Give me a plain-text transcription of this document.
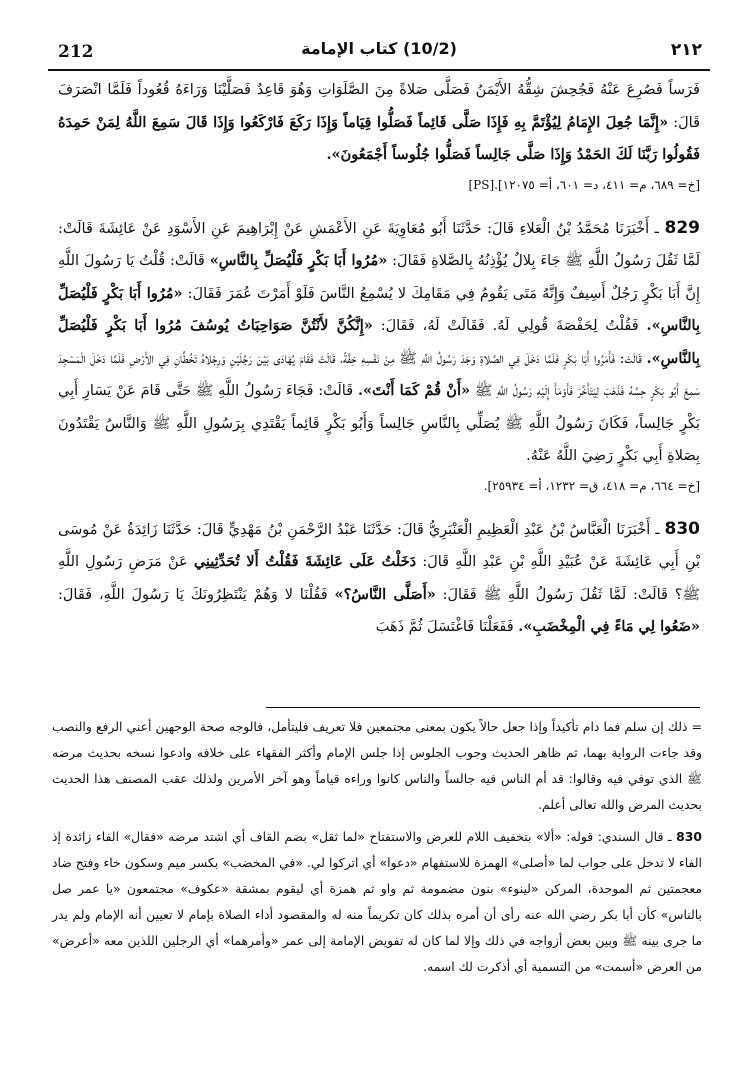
212	(10/2) كتاب الإمامة	٢١٢

فَرَساً فَصُرِعَ عَنْهُ فَجُحِشَ شِقُّهُ الأَيْمَنُ فَصَلَّى صَلاةً مِنَ الصَّلَوَاتِ وَهُوَ قَاعِدٌ فَصَلَّيْنَا وَرَاءَهُ قُعُوداً فَلَمَّا انْصَرَفَ قَالَ: «إِنَّمَا جُعِلَ الإِمَامُ لِيُؤْتَمَّ بِهِ فَإِذَا صَلَّى قَائِماً فَصَلُّوا قِيَاماً وَإِذَا رَكَعَ فَارْكَعُوا وَإِذَا قَالَ سَمِعَ اللَّهُ لِمَنْ حَمِدَهُ فَقُولُوا رَبَّنَا لَكَ الحَمْدُ وَإِذَا صَلَّى جَالِساً فَصَلُّوا جُلُوساً أَجْمَعُونَ».
[خ= ٦٨٩، م= ٤١١، د= ٦٠١، أ= ١٢٠٧٥].[PS]

829 ـ أَخْبَرَنَا مُحَمَّدُ بْنُ الْعَلاءِ قَالَ: حَدَّثَنَا أَبُو مُعَاوِيَةَ عَنِ الأَعْمَشِ عَنْ إِبْرَاهِيمَ عَنِ الأَسْوَدِ عَنْ عَائِشَةَ قَالَتْ: لَمَّا ثَقُلَ رَسُولُ اللَّهِ ﷺ جَاءَ بِلالٌ يُؤْذِنُهُ بِالصَّلاةِ فَقَالَ: «مُرُوا أَبَا بَكْرٍ فَلْيُصَلِّ بِالنَّاسِ» قَالَتْ: قُلْتُ يَا رَسُولَ اللَّهِ إِنَّ أَبَا بَكْرٍ رَجُلٌ أَسِيفٌ وَإِنَّهُ مَتَى يَقُومُ فِي مَقَامِكَ لا يُسْمِعُ النَّاسَ فَلَوْ أَمَرْتَ عُمَرَ فَقَالَ: «مُرُوا أَبَا بَكْرٍ فَلْيُصَلِّ بِالنَّاسِ». فَقُلْتُ لِحَفْصَةَ قُولِي لَهُ. فَقَالَتْ لَهُ، فَقَالَ: «إِنَّكُنَّ لأَنْتُنَّ صَوَاحِبَاتُ يُوسُفَ مُرُوا أَبَا بَكْرٍ فَلْيُصَلِّ بِالنَّاسِ». قَالَتْ: فَأَمَرُوا أَبَا بَكْرٍ فَلَمَّا دَخَلَ فِي الصَّلاةِ وَجَدَ رَسُولُ اللَّهِ ﷺ مِنْ نَفْسِهِ خِفَّةً، قَالَتْ فَقَامَ يُهَادَى بَيْنَ رَجُلَيْنِ وَرِجْلاهُ تَخُطَّانِ فِي الأَرْضِ فَلَمَّا دَخَلَ الْمَسْجِدَ سَمِعَ أَبُو بَكْرٍ حِسَّهُ فَذَهَبَ لِيَتَأَخَّرَ فَأَوْمَأَ إِلَيْهِ رَسُولُ اللَّهِ ﷺ «أَنْ قُمْ كَمَا أَنْتَ». قَالَتْ: فَجَاءَ رَسُولُ اللَّهِ ﷺ حَتَّى قَامَ عَنْ يَسَارِ أَبِي بَكْرٍ جَالِساً، فَكَانَ رَسُولُ اللَّهِ ﷺ يُصَلِّي بِالنَّاسِ جَالِساً وَأَبُو بَكْرٍ قَائِماً يَقْتَدِي بِرَسُولِ اللَّهِ ﷺ وَالنَّاسُ يَقْتَدُونَ بِصَلاةِ أَبِي بَكْرٍ رَضِيَ اللَّهُ عَنْهُ.
[خ= ٦٦٤، م= ٤١٨، ق= ١٢٣٢، أ= ٢٥٩٣٤].

830 ـ أَخْبَرَنَا الْعَبَّاسُ بْنُ عَبْدِ الْعَظِيمِ الْعَنْبَرِيُّ قَالَ: حَدَّثَنَا عَبْدُ الرَّحْمَنِ بْنُ مَهْدِيٍّ قَالَ: حَدَّثَنَا زَائِدَةُ عَنْ مُوسَى بْنِ أَبِي عَائِشَةَ عَنْ عُبَيْدِ اللَّهِ بْنِ عَبْدِ اللَّهِ قَالَ: دَخَلْتُ عَلَى عَائِشَةَ فَقُلْتُ أَلا تُحَدِّثِينِي عَنْ مَرَضِ رَسُولِ اللَّهِ ﷺ؟ قَالَتْ: لَمَّا ثَقُلَ رَسُولُ اللَّهِ ﷺ فَقَالَ: «أَصَلَّى النَّاسُ؟» فَقُلْنَا لا وَهُمْ يَنْتَظِرُونَكَ يَا رَسُولَ اللَّهِ، فَقَالَ: «ضَعُوا لِي مَاءً فِي الْمِخْضَبِ». فَفَعَلْنَا فَاغْتَسَلَ ثُمَّ ذَهَبَ

= ذلك إن سلم فما دام تأكيداً وإذا جعل حالاً يكون بمعنى مجتمعين فلا تعريف فليتأمل، فالوجه صحة الوجهين أعني الرفع والنصب وقد جاءت الرواية بهما، ثم ظاهر الحديث وجوب الجلوس إذا جلس الإمام وأكثر الفقهاء على خلافه وادعوا نسخه بحديث مرضه ﷺ الذي توفي فيه وقالوا: قد أم الناس فيه جالساً والناس كانوا وراءه قياماً وهو آخر الأمرين ولذلك عقب المصنف هذا الحديث بحديث المرض والله تعالى أعلم.

830 ـ قال السندي: قوله: «ألا» بتخفيف اللام للعرض والاستفتاح «لما ثقل» بضم القاف أي اشتد مرضه «فقال» الفاء زائدة إذ الفاء لا تدخل على جواب لما «أصلى» الهمزة للاستفهام «دعوا» أي اتركوا لي. «في المخضب» بكسر ميم وسكون خاء وفتح ضاد معجمتين ثم الموحدة، المركن «لينوء» بنون مضمومة ثم واو ثم همزة أي ليقوم بمشقة «عكوف» مجتمعون «يا عمر صل بالناس» كأن أبا بكر رضي الله عنه رأى أن أمره بذلك كان تكريماً منه له والمقصود أداء الصلاة بإمام لا تعيين أنه الإمام ولم يدر ما جرى بينه ﷺ وبين بعض أزواجه في ذلك وإلا لما كان له تفويض الإمامة إلى عمر «وأمرهما» أي الرجلين اللذين معه «أعرض» من العرض «أسمت» من التسمية أي أذكرت لك اسمه.
